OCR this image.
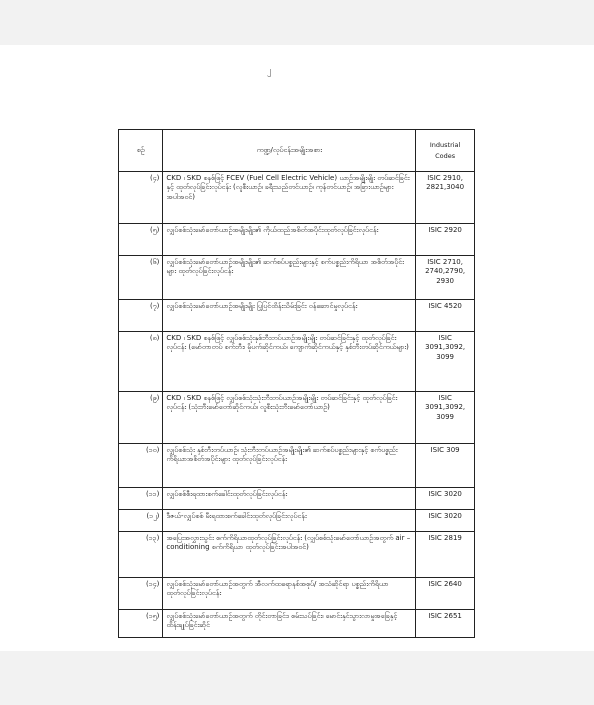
၂
စဉ်	ကဏ္ဍ/လုပ်ငန်းအမျိုးအစား	Industrial
Codes

(၄)	CKD ၊ SKD စနစ်ဖြင့် FCEV (Fuel Cell Electric Vehicle) ယာဉ်အမျိုးမျိုး တပ်ဆင်ခြင်းနှင့် ထုတ်လုပ်ခြင်းလုပ်ငန်း (လူစီးယာဉ်၊ ခရီးသည်တင်ယာဉ်၊ ကုန်တင်ယာဉ်၊ အခြားယာဉ်များအပါအဝင်)	ISIC 2910, 2821,3040
(၅)	လျှပ်စစ်သုံးမော်တော်ယာဉ်အမျိုးမျိုး၏ ကိုယ်ထည်အစိတ်အပိုင်းထုတ်လုပ်ခြင်းလုပ်ငန်း	ISIC 2920
(၆)	လျှပ်စစ်သုံးမော်တော်ယာဉ်အမျိုးမျိုး၏ ဆက်စပ်ပစ္စည်းများနှင့် စက်ပစ္စည်းကိရိယာ အစိတ်အပိုင်းများ ထုတ်လုပ်ခြင်းလုပ်ငန်း	ISIC 2710, 2740,2790, 2930
(၇)	လျှပ်စစ်သုံးမော်တော်ယာဉ်အမျိုးမျိုး ပြုပြင်ထိန်းသိမ်းခြင်း ဝန်ဆောင်မှုလုပ်ငန်း	ISIC 4520
(၈)	CKD ၊ SKD စနစ်ဖြင့် လျှပ်စစ်သုံးနှစ်ဘီးတပ်ယာဉ်အမျိုးမျိုး တပ်ဆင်ခြင်းနှင့် ထုတ်လုပ်ခြင်းလုပ်ငန်း (မော်တာတပ် စက်ဘီး၊ မိုပက်ဆိုင်ကယ်၊ ကျောက်ဆိုင်ကယ်နှင့် နှစ်ဘီးတပ်ဆိုင်ကယ်များ)	ISIC 3091,3092, 3099
(၉)	CKD ၊ SKD စနစ်ဖြင့် လျှပ်စစ်သုံးသုံးဘီးတပ်ယာဉ်အမျိုးမျိုး တပ်ဆင်ခြင်းနှင့် ထုတ်လုပ်ခြင်းလုပ်ငန်း (သုံးဘီးမော်တော်ဆိုင်ကယ်၊ လူစီးသုံးဘီးမော်တော်ယာဉ်)	ISIC 3091,3092, 3099
(၁၀)	လျှပ်စစ်သုံး နှစ်ဘီးတပ်ယာဉ်၊ သုံးဘီးတပ်ယာဉ်အမျိုးမျိုး၏ ဆက်စပ်ပစ္စည်းများနှင့် စက်ပစ္စည်းကိရိယာအစိတ်အပိုင်းများ ထုတ်လုပ်ခြင်းလုပ်ငန်း	ISIC 309
(၁၁)	လျှပ်စစ်စီးရထားစက်ခေါင်းထုတ်လုပ်ခြင်းလုပ်ငန်း	ISIC 3020
(၁၂)	ဒီဇယ်-လျှပ်စစ် မီးရထားစက်ခေါင်းထုတ်လုပ်ခြင်းလုပ်ငန်း	ISIC 3020
(၁၃)	အပြေးအလွှားသွင်း စက်ကိရိယာထုတ်လုပ်ခြင်းလုပ်ငန်း (လျှပ်စစ်သုံးမော်တော်ယာဉ်အတွက် air – conditioning စက်ကိရိယာ ထုတ်လုပ်ခြင်းအပါအဝင်)	ISIC 2819
(၁၄)	လျှပ်စစ်သုံးမော်တော်ယာဉ်အတွက် အီလက်ထရောနစ်အစုပ်/ အသံဆိုင်ရာ ပစ္စည်းကိရိယာထုတ်လုပ်ခြင်းလုပ်ငန်း	ISIC 2640
(၁၅)	လျှပ်စစ်သုံးမော်တော်ယာဉ်အတွက် တိုင်းတာခြင်း၊ စမ်းသပ်ခြင်း၊ မောင်းနှင်သွားလာမှုအခြေနှင့် ထိန်းချုပ်ခြင်းဆိုင်	ISIC 2651
